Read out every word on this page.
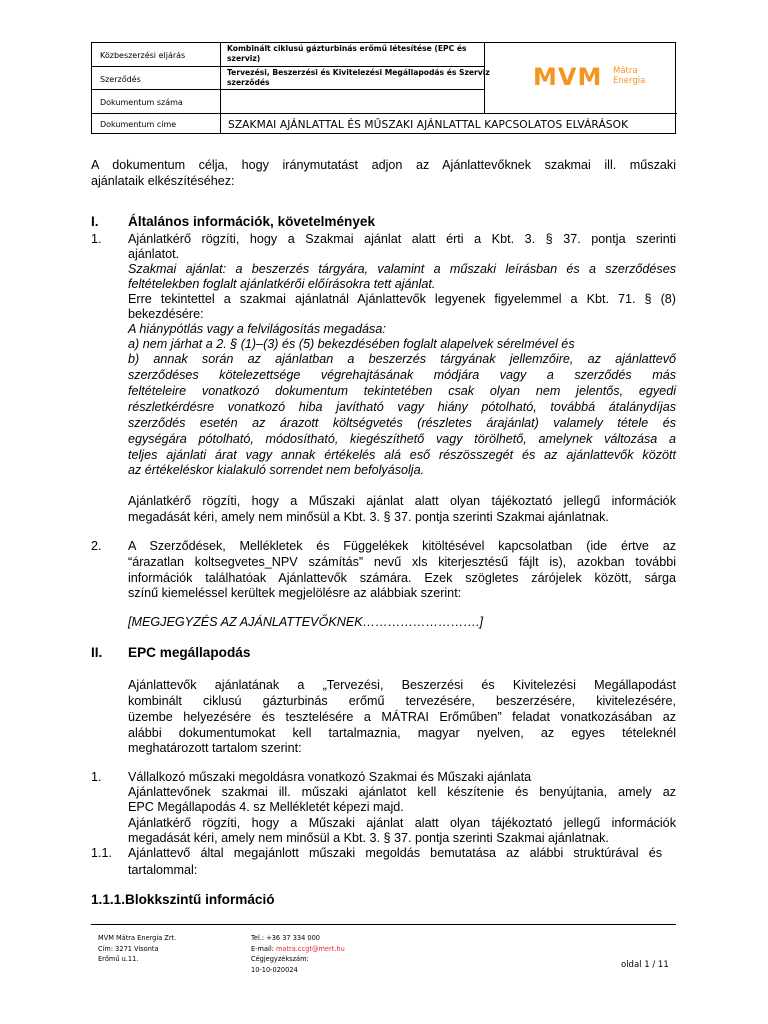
Közbeszerzési eljárás
Kombinált ciklusú gázturbinás erőmű létesítése (EPC és
szerviz)
Szerződés
Tervezési, Beszerzési és Kivitelezési Megállapodás és Szerviz
szerződés
Dokumentum száma
Dokumentum címe	SZAKMAI AJÁNLATTAL ÉS MŰSZAKI AJÁNLATTAL KAPCSOLATOS ELVÁRÁSOK
MVM Mátra
Energia
A dokumentum célja, hogy iránymutatást adjon az Ajánlattevőknek szakmai ill. műszaki
ajánlataik elkészítéséhez:
I. Általános információk, követelmények
1. Ajánlatkérő rögzíti, hogy a Szakmai ajánlat alatt érti a Kbt. 3. § 37. pontja szerinti
ajánlatot.
Szakmai ajánlat: a beszerzés tárgyára, valamint a műszaki leírásban és a szerződéses
feltételekben foglalt ajánlatkérői előírásokra tett ajánlat.
Erre tekintettel a szakmai ajánlatnál Ajánlattevők legyenek figyelemmel a Kbt. 71. § (8)
bekezdésére:
A hiánypótlás vagy a felvilágosítás megadása:
a) nem járhat a 2. § (1)–(3) és (5) bekezdésében foglalt alapelvek sérelmével és
b) annak során az ajánlatban a beszerzés tárgyának jellemzőire, az ajánlattevő
szerződéses kötelezettsége végrehajtásának módjára vagy a szerződés más
feltételeire vonatkozó dokumentum tekintetében csak olyan nem jelentős, egyedi
részletkérdésre vonatkozó hiba javítható vagy hiány pótolható, továbbá átalánydíjas
szerződés esetén az árazott költségvetés (részletes árajánlat) valamely tétele és
egységára pótolható, módosítható, kiegészíthető vagy törölhető, amelynek változása a
teljes ajánlati árat vagy annak értékelés alá eső részösszegét és az ajánlattevők között
az értékeléskor kialakuló sorrendet nem befolyásolja.
Ajánlatkérő rögzíti, hogy a Műszaki ajánlat alatt olyan tájékoztató jellegű információk
megadását kéri, amely nem minősül a Kbt. 3. § 37. pontja szerinti Szakmai ajánlatnak.
2. A Szerződések, Mellékletek és Függelékek kitöltésével kapcsolatban (ide értve az
“árazatlan koltsegvetes_NPV számítás” nevű xls kiterjesztésű fájlt is), azokban további
információk találhatóak Ajánlattevők számára. Ezek szögletes zárójelek között, sárga
színű kiemeléssel kerültek megjelölésre az alábbiak szerint:
[MEGJEGYZÉS AZ AJÁNLATTEVŐKNEK……………………….]
II. EPC megállapodás
Ajánlattevők ajánlatának a „Tervezési, Beszerzési és Kivitelezési Megállapodást
kombinált ciklusú gázturbinás erőmű tervezésére, beszerzésére, kivitelezésére,
üzembe helyezésére és tesztelésére a MÁTRAI Erőműben” feladat vonatkozásában az
alábbi dokumentumokat kell tartalmaznia, magyar nyelven, az egyes tételeknél
meghatározott tartalom szerint:
1. Vállalkozó műszaki megoldásra vonatkozó Szakmai és Műszaki ajánlata
Ajánlattevőnek szakmai ill. műszaki ajánlatot kell készítenie és benyújtania, amely az
EPC Megállapodás 4. sz Mellékletét képezi majd.
Ajánlatkérő rögzíti, hogy a Műszaki ajánlat alatt olyan tájékoztató jellegű információk
megadását kéri, amely nem minősül a Kbt. 3. § 37. pontja szerinti Szakmai ajánlatnak.
1.1. Ajánlattevő által megajánlott műszaki megoldás bemutatása az alábbi struktúrával és
tartalommal:
1.1.1.Blokkszintű információ
MVM Mátra Energia Zrt.
Cím: 3271 Visonta
Erőmű u.11.
Tel.: +36 37 334 000
E-mail: matra.ccgt@mert.hu
Cégjegyzékszám:
10-10-020024	oldal 1 / 11
